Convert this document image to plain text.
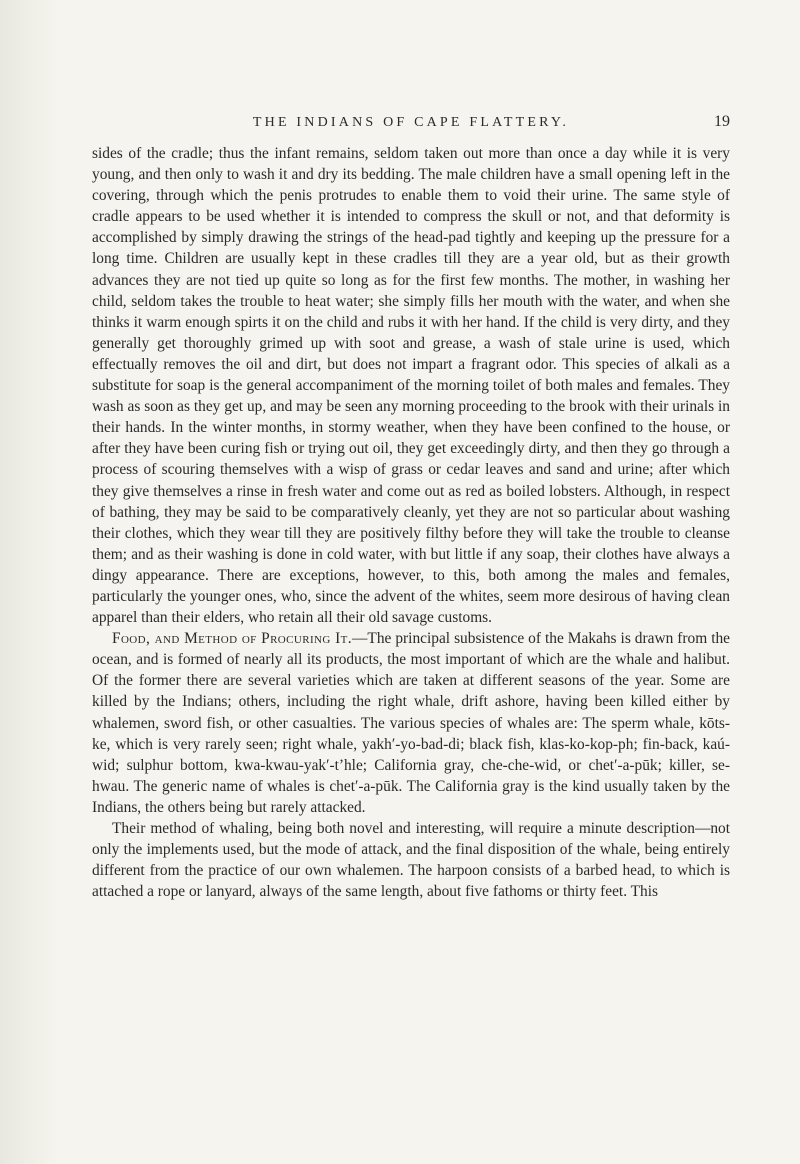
THE INDIANS OF CAPE FLATTERY.	19

sides of the cradle; thus the infant remains, seldom taken out more than once a day while it is very young, and then only to wash it and dry its bedding. The male children have a small opening left in the covering, through which the penis protrudes to enable them to void their urine. The same style of cradle appears to be used whether it is intended to compress the skull or not, and that deformity is accomplished by simply drawing the strings of the head-pad tightly and keeping up the pressure for a long time. Children are usually kept in these cradles till they are a year old, but as their growth advances they are not tied up quite so long as for the first few months. The mother, in washing her child, seldom takes the trouble to heat water; she simply fills her mouth with the water, and when she thinks it warm enough spirts it on the child and rubs it with her hand. If the child is very dirty, and they generally get thoroughly grimed up with soot and grease, a wash of stale urine is used, which effectually removes the oil and dirt, but does not impart a fragrant odor. This species of alkali as a substitute for soap is the general accompaniment of the morning toilet of both males and females. They wash as soon as they get up, and may be seen any morning proceeding to the brook with their urinals in their hands. In the winter months, in stormy weather, when they have been confined to the house, or after they have been curing fish or trying out oil, they get exceedingly dirty, and then they go through a process of scouring themselves with a wisp of grass or cedar leaves and sand and urine; after which they give themselves a rinse in fresh water and come out as red as boiled lobsters. Although, in respect of bathing, they may be said to be comparatively cleanly, yet they are not so particular about washing their clothes, which they wear till they are positively filthy before they will take the trouble to cleanse them; and as their washing is done in cold water, with but little if any soap, their clothes have always a dingy appearance. There are exceptions, however, to this, both among the males and females, particularly the younger ones, who, since the advent of the whites, seem more desirous of having clean apparel than their elders, who retain all their old savage customs.

Food, and Method of Procuring It.—The principal subsistence of the Makahs is drawn from the ocean, and is formed of nearly all its products, the most important of which are the whale and halibut. Of the former there are several varieties which are taken at different seasons of the year. Some are killed by the Indians; others, including the right whale, drift ashore, having been killed either by whalemen, sword fish, or other casualties. The various species of whales are: The sperm whale, kōts-ke, which is very rarely seen; right whale, yakh′-yo-bad-di; black fish, klas-ko-kop-ph; fin-back, kaú-wid; sulphur bottom, kwa-kwau-yak′-t’hle; California gray, che-che-wid, or chet′-a-pūk; killer, se-hwau. The generic name of whales is chet′-a-pūk. The California gray is the kind usually taken by the Indians, the others being but rarely attacked.

Their method of whaling, being both novel and interesting, will require a minute description—not only the implements used, but the mode of attack, and the final disposition of the whale, being entirely different from the practice of our own whalemen. The harpoon consists of a barbed head, to which is attached a rope or lanyard, always of the same length, about five fathoms or thirty feet. This
